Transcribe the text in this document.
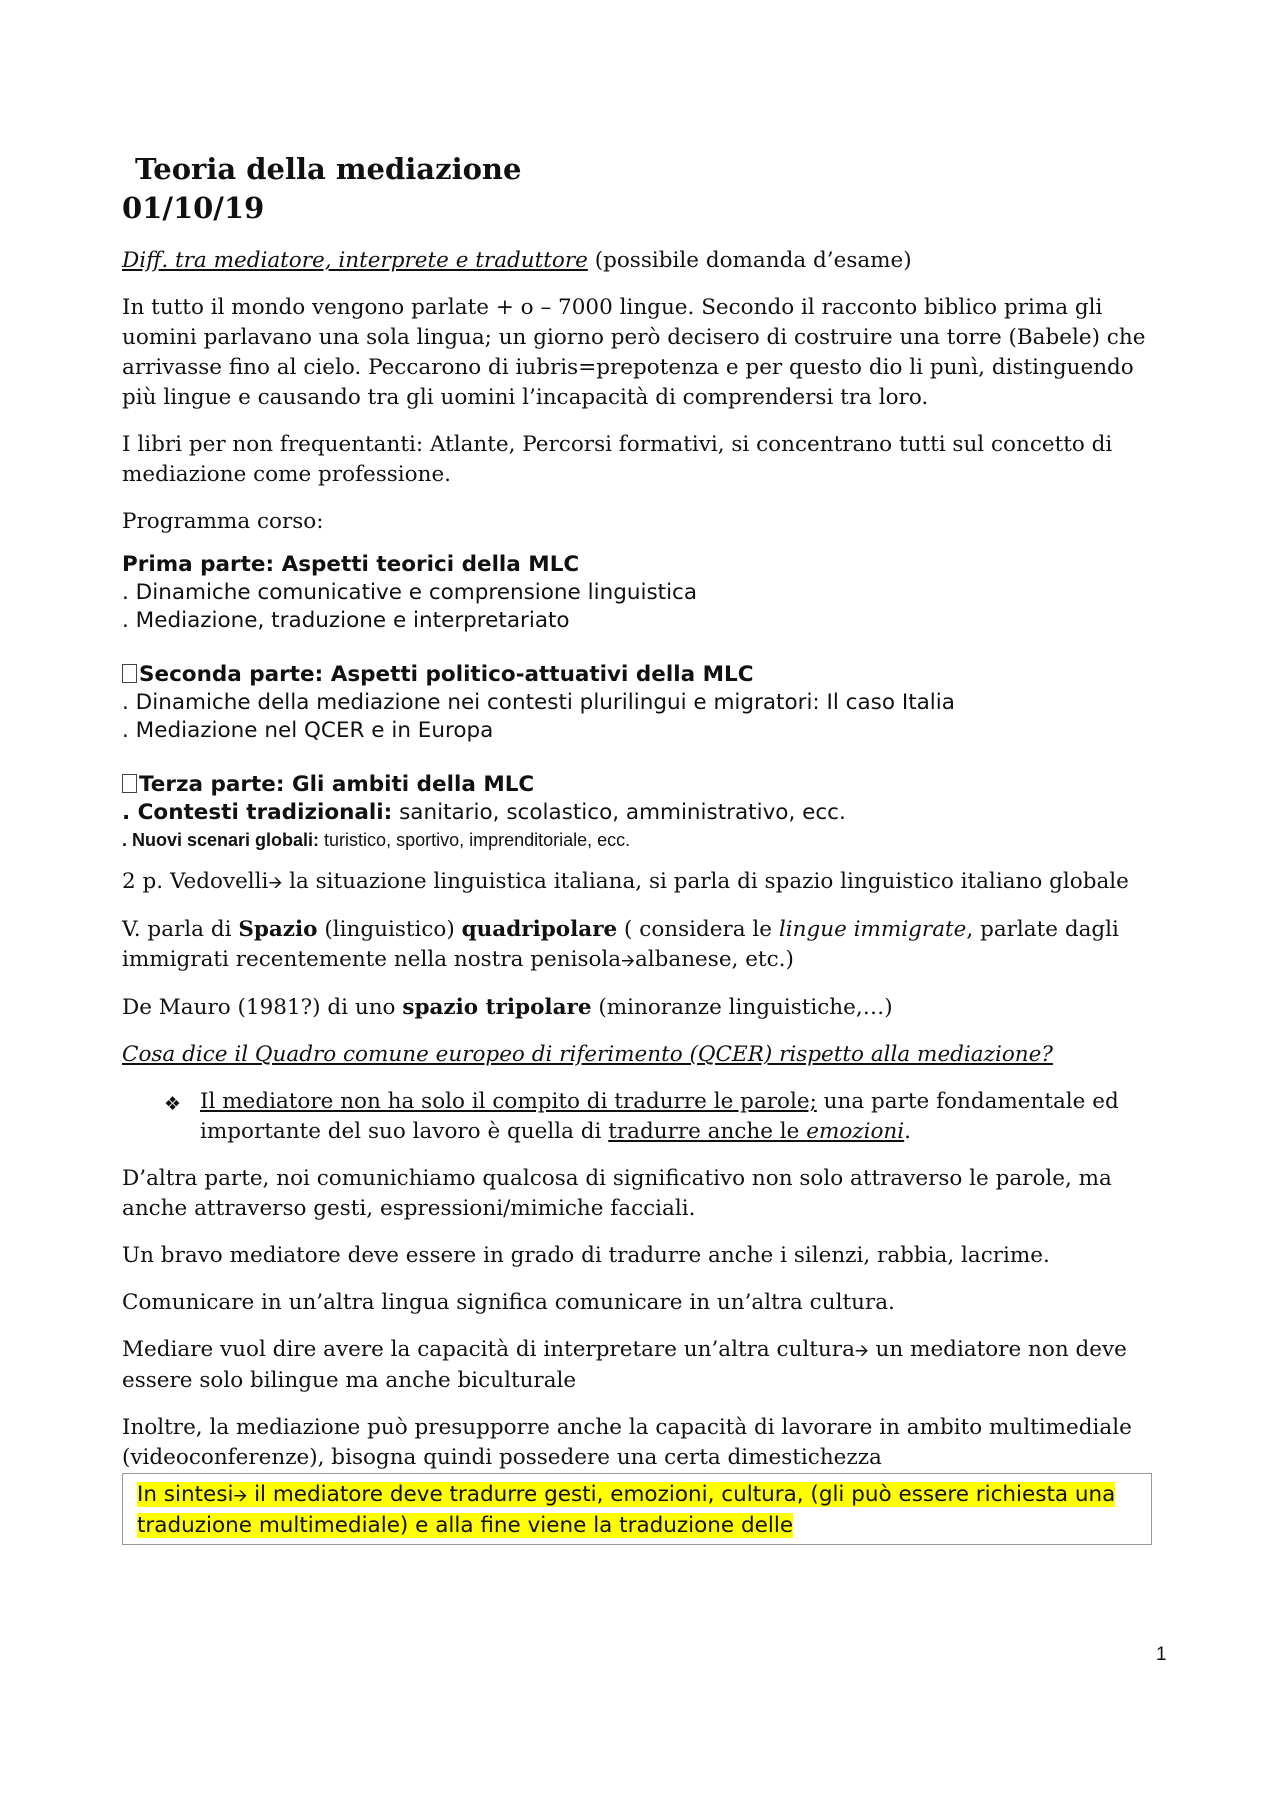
Teoria della mediazione
01/10/19

Diff. tra mediatore, interprete e traduttore (possibile domanda d’esame)

In tutto il mondo vengono parlate + o – 7000 lingue. Secondo il racconto biblico prima gli uomini parlavano una sola lingua; un giorno però decisero di costruire una torre (Babele) che arrivasse fino al cielo. Peccarono di iubris=prepotenza e per questo dio li punì, distinguendo più lingue e causando tra gli uomini l’incapacità di comprendersi tra loro.

I libri per non frequentanti: Atlante, Percorsi formativi, si concentrano tutti sul concetto di mediazione come professione.

Programma corso:

Prima parte: Aspetti teorici della MLC
. Dinamiche comunicative e comprensione linguistica
. Mediazione, traduzione e interpretariato
Seconda parte: Aspetti politico-attuativi della MLC
. Dinamiche della mediazione nei contesti plurilingui e migratori: Il caso Italia
. Mediazione nel QCER e in Europa
Terza parte: Gli ambiti della MLC
. Contesti tradizionali: sanitario, scolastico, amministrativo, ecc.
. Nuovi scenari globali: turistico, sportivo, imprenditoriale, ecc.

2 p. Vedovelli🡪 la situazione linguistica italiana, si parla di spazio linguistico italiano globale

V. parla di Spazio (linguistico) quadripolare ( considera le lingue immigrate, parlate dagli immigrati recentemente nella nostra penisola🡪albanese, etc.)

De Mauro (1981?) di uno spazio tripolare (minoranze linguistiche,…)

Cosa dice il Quadro comune europeo di riferimento (QCER) rispetto alla mediazione?

❖ Il mediatore non ha solo il compito di tradurre le parole; una parte fondamentale ed importante del suo lavoro è quella di tradurre anche le emozioni.

D’altra parte, noi comunichiamo qualcosa di significativo non solo attraverso le parole, ma anche attraverso gesti, espressioni/mimiche facciali.

Un bravo mediatore deve essere in grado di tradurre anche i silenzi, rabbia, lacrime.

Comunicare in un’altra lingua significa comunicare in un’altra cultura.

Mediare vuol dire avere la capacità di interpretare un’altra cultura🡪 un mediatore non deve essere solo bilingue ma anche biculturale

Inoltre, la mediazione può presupporre anche la capacità di lavorare in ambito multimediale (videoconferenze), bisogna quindi possedere una certa dimestichezza

In sintesi🡪 il mediatore deve tradurre gesti, emozioni, cultura, (gli può essere richiesta una traduzione multimediale) e alla fine viene la traduzione delle
1
